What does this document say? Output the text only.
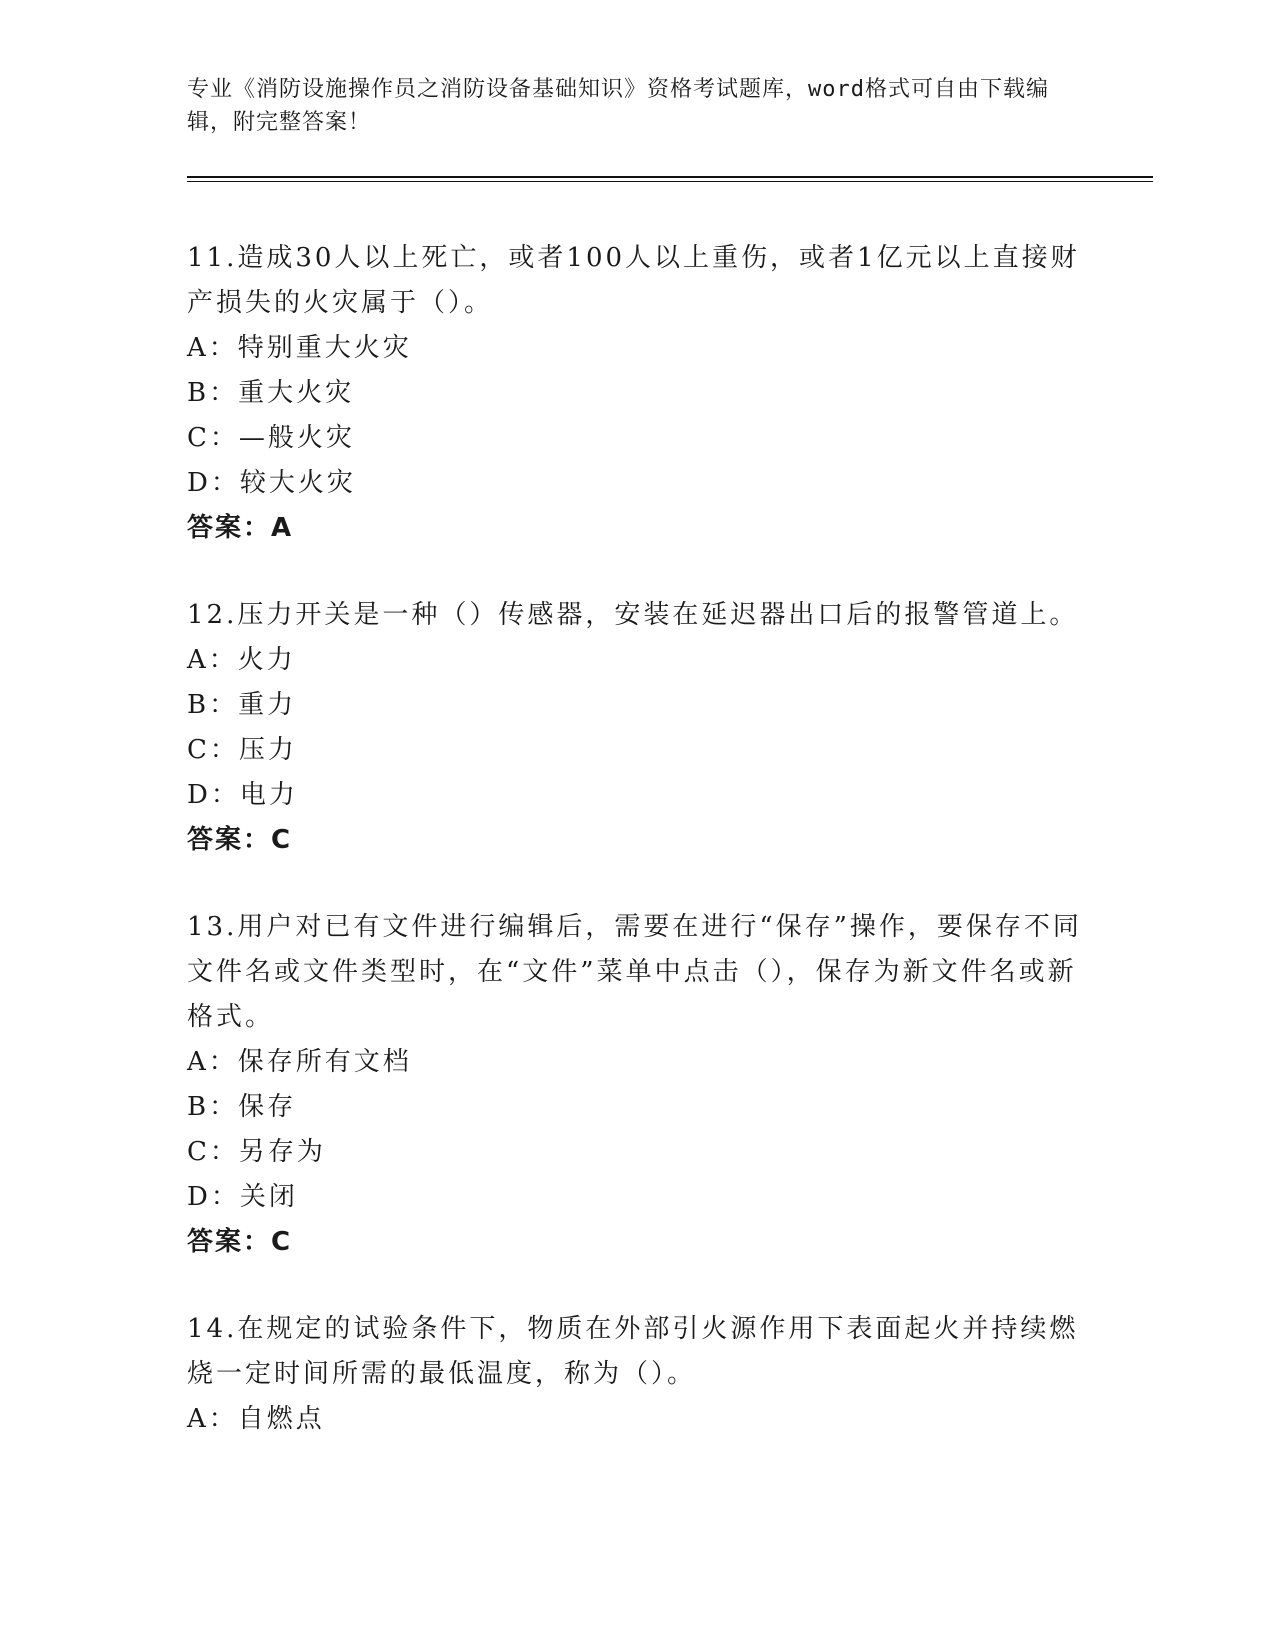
专业《消防设施操作员之消防设备基础知识》资格考试题库，word格式可自由下载编辑，附完整答案！

11.造成30人以上死亡，或者100人以上重伤，或者1亿元以上直接财产损失的火灾属于（）。

A：特别重大火灾

B：重大火灾

C：—般火灾

D：较大火灾

答案：A

12.压力开关是一种（）传感器，安装在延迟器出口后的报警管道上。

A：火力

B：重力

C：压力

D：电力

答案：C

13.用户对已有文件进行编辑后，需要在进行“保存”操作，要保存不同文件名或文件类型时，在“文件”菜单中点击（），保存为新文件名或新格式。

A：保存所有文档

B：保存

C：另存为

D：关闭

答案：C

14.在规定的试验条件下，物质在外部引火源作用下表面起火并持续燃烧一定时间所需的最低温度，称为（）。

A：自燃点
